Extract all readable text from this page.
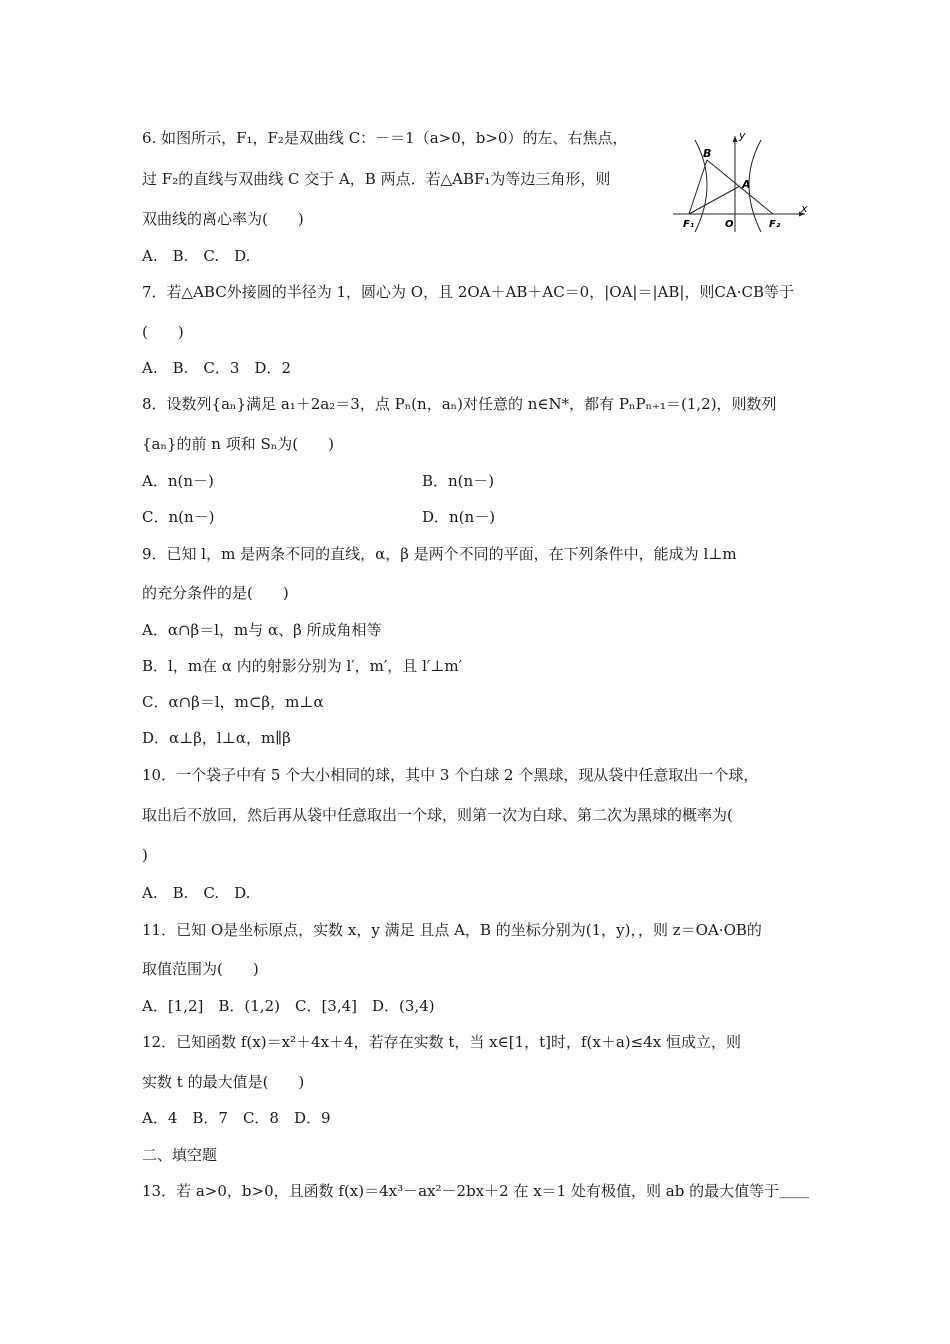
6. 如图所示，F₁，F₂是双曲线 C：－＝1（a>0，b>0）的左、右焦点，
过 F₂的直线与双曲线 C 交于 A，B 两点．若△ABF₁为等边三角形，则
双曲线的离心率为(　　)
A.　B.　C.　D.
y
x
B
A
F₁	O	F₂
7．若△ABC外接圆的半径为 1，圆心为 O，且 2OA＋AB＋AC＝0，|OA|＝|AB|，则CA·CB等于
(　　)
A.　B.　C．3　D．2
8．设数列{aₙ}满足 a₁＋2a₂＝3，点 Pₙ(n，aₙ)对任意的 n∈N*，都有 PₙPₙ₊₁＝(1,2)，则数列
{aₙ}的前 n 项和 Sₙ为(　　)
A．n(n－)	B．n(n－)
C．n(n－)	D．n(n－)
9．已知 l，m 是两条不同的直线，α，β 是两个不同的平面，在下列条件中，能成为 l⊥m
的充分条件的是(　　)
A．α∩β＝l，m与 α、β 所成角相等
B．l，m在 α 内的射影分别为 l′，m′，且 l′⊥m′
C．α∩β＝l，m⊂β，m⊥α
D．α⊥β，l⊥α，m∥β
10．一个袋子中有 5 个大小相同的球，其中 3 个白球 2 个黑球，现从袋中任意取出一个球，
取出后不放回，然后再从袋中任意取出一个球，则第一次为白球、第二次为黑球的概率为(
)
A.　B.　C.　D.
11．已知 O是坐标原点，实数 x，y 满足 且点 A，B 的坐标分别为(1，y)，，则 z＝OA·OB的
取值范围为(　　)
A．[1,2]　B．(1,2)　C．[3,4]　D．(3,4)
12．已知函数 f(x)＝x²＋4x＋4，若存在实数 t，当 x∈[1，t]时，f(x＋a)≤4x 恒成立，则
实数 t 的最大值是(　　)
A．4　B．7　C．8　D．9
二、填空题
13．若 a>0，b>0，且函数 f(x)＝4x³－ax²－2bx＋2 在 x＝1 处有极值，则 ab 的最大值等于＿＿
